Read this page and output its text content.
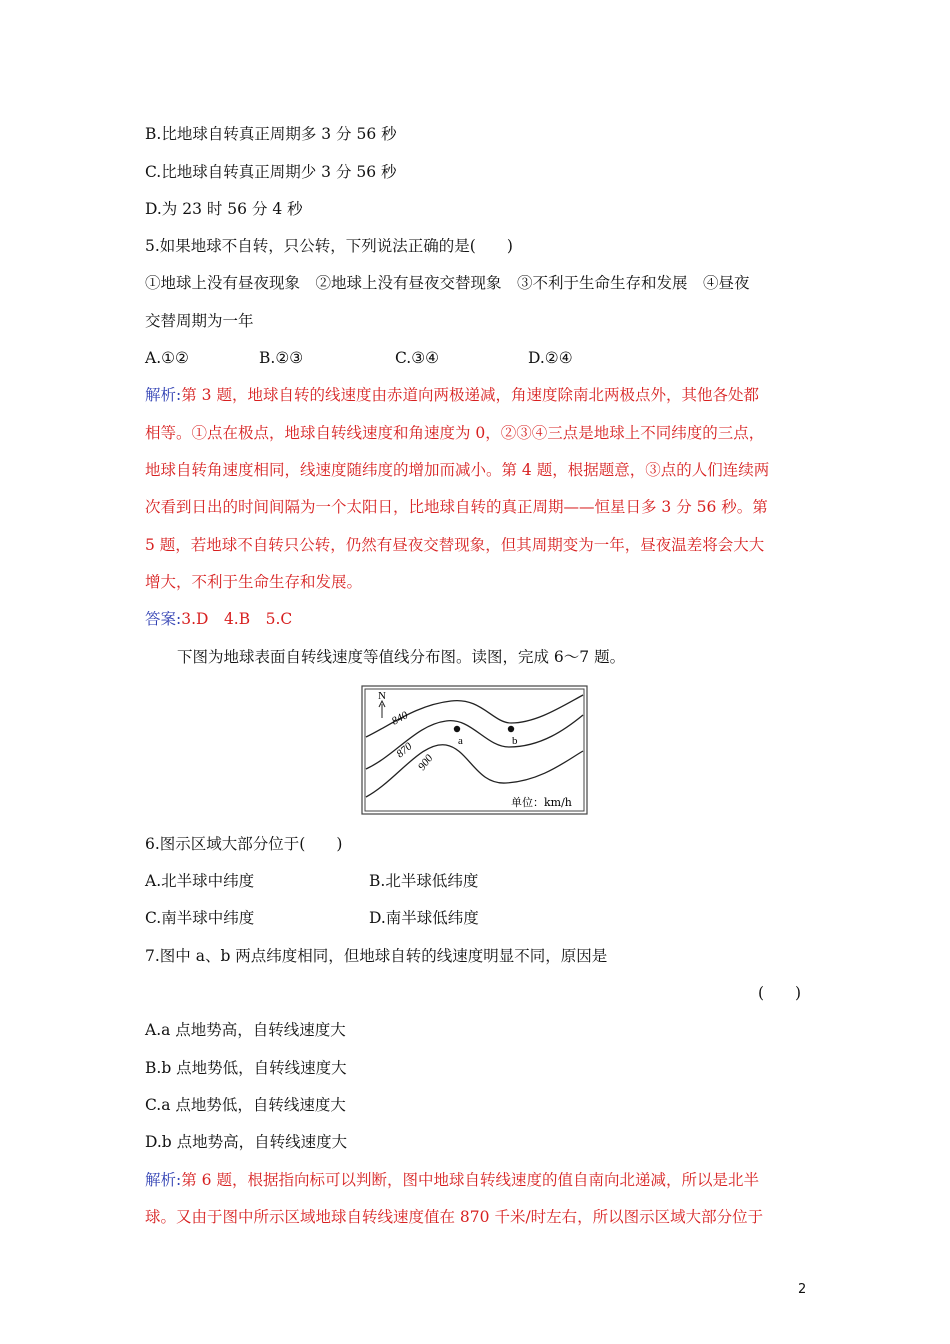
B.比地球自转真正周期多 3 分 56 秒
C.比地球自转真正周期少 3 分 56 秒
D.为 23 时 56 分 4 秒
5.如果地球不自转，只公转，下列说法正确的是(　　)
①地球上没有昼夜现象　②地球上没有昼夜交替现象　③不利于生命生存和发展　④昼夜
交替周期为一年
A.①②	B.②③	C.③④	D.②④
解析:第 3 题，地球自转的线速度由赤道向两极递减，角速度除南北两极点外，其他各处都
相等。①点在极点，地球自转线速度和角速度为 0，②③④三点是地球上不同纬度的三点，
地球自转角速度相同，线速度随纬度的增加而减小。第 4 题，根据题意，③点的人们连续两
次看到日出的时间间隔为一个太阳日，比地球自转的真正周期——恒星日多 3 分 56 秒。第
5 题，若地球不自转只公转，仍然有昼夜交替现象，但其周期变为一年，昼夜温差将会大大
增大，不利于生命生存和发展。
答案:3.D　4.B　5.C
下图为地球表面自转线速度等值线分布图。读图，完成 6～7 题。
N
840
870
900
a	b
单位：km/h
6.图示区域大部分位于(　　)
A.北半球中纬度	B.北半球低纬度
C.南半球中纬度	D.南半球低纬度
7.图中 a、b 两点纬度相同，但地球自转的线速度明显不同，原因是
(　　)
A.a 点地势高，自转线速度大
B.b 点地势低，自转线速度大
C.a 点地势低，自转线速度大
D.b 点地势高，自转线速度大
解析:第 6 题，根据指向标可以判断，图中地球自转线速度的值自南向北递减，所以是北半
球。又由于图中所示区域地球自转线速度值在 870 千米/时左右，所以图示区域大部分位于
2
